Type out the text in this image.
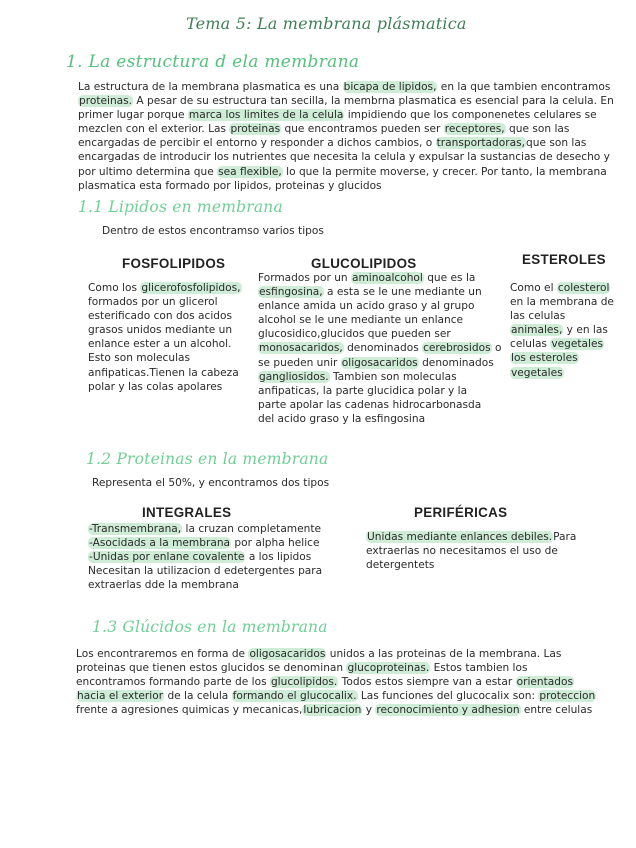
Tema 5: La membrana plásmatica
1. La estructura d ela membrana
La estructura de la membrana plasmatica es una bicapa de lipidos, en la que tambien encontramos
proteinas. A pesar de su estructura tan secilla, la membrna plasmatica es esencial para la celula. En
primer lugar porque marca los limites de la celula impidiendo que los componenetes celulares se
mezclen con el exterior. Las proteinas que encontramos pueden ser receptores, que son las
encargadas de percibir el entorno y responder a dichos cambios, o transportadoras,que son las
encargadas de introducir los nutrientes que necesita la celula y expulsar la sustancias de desecho y
por ultimo determina que sea flexible, lo que la permite moverse, y crecer. Por tanto, la membrana
plasmatica esta formado por lipidos, proteinas y glucidos
1.1 Lipidos en membrana
Dentro de estos encontramso varios tipos
FOSFOLIPIDOS
Como los glicerofosfolipidos,
formados por un glicerol
esterificado con dos acidos
grasos unidos mediante un
enlance ester a un alcohol.
Esto son moleculas
anfipaticas.Tienen la cabeza
polar y las colas apolares
GLUCOLIPIDOS
Formados por un aminoalcohol que es la
esfingosina, a esta se le une mediante un
enlance amida un acido graso y al grupo
alcohol se le une mediante un enlance
glucosidico,glucidos que pueden ser
monosacaridos, denominados cerebrosidos o
se pueden unir oligosacaridos denominados
gangliosidos. Tambien son moleculas
anfipaticas, la parte glucidica polar y la
parte apolar las cadenas hidrocarbonasda
del acido graso y la esfingosina
ESTEROLES
Como el colesterol
en la membrana de
las celulas
animales, y en las
celulas vegetales
los esteroles
vegetales
1.2 Proteinas en la membrana
Representa el 50%, y encontramos dos tipos
INTEGRALES
-Transmembrana, la cruzan completamente
-Asocidads a la membrana por alpha helice
-Unidas por enlane covalente a los lipidos
Necesitan la utilizacion d edetergentes para
extraerlas dde la membrana
PERIFÉRICAS
Unidas mediante enlances debiles.Para
extraerlas no necesitamos el uso de
detergentets
1.3 Glúcidos en la membrana
Los encontraremos en forma de oligosacaridos unidos a las proteinas de la membrana. Las
proteinas que tienen estos glucidos se denominan glucoproteinas. Estos tambien los
encontramos formando parte de los glucolipidos. Todos estos siempre van a estar orientados
hacia el exterior de la celula formando el glucocalix. Las funciones del glucocalix son: proteccion
frente a agresiones quimicas y mecanicas,lubricacion y reconocimiento y adhesion entre celulas
